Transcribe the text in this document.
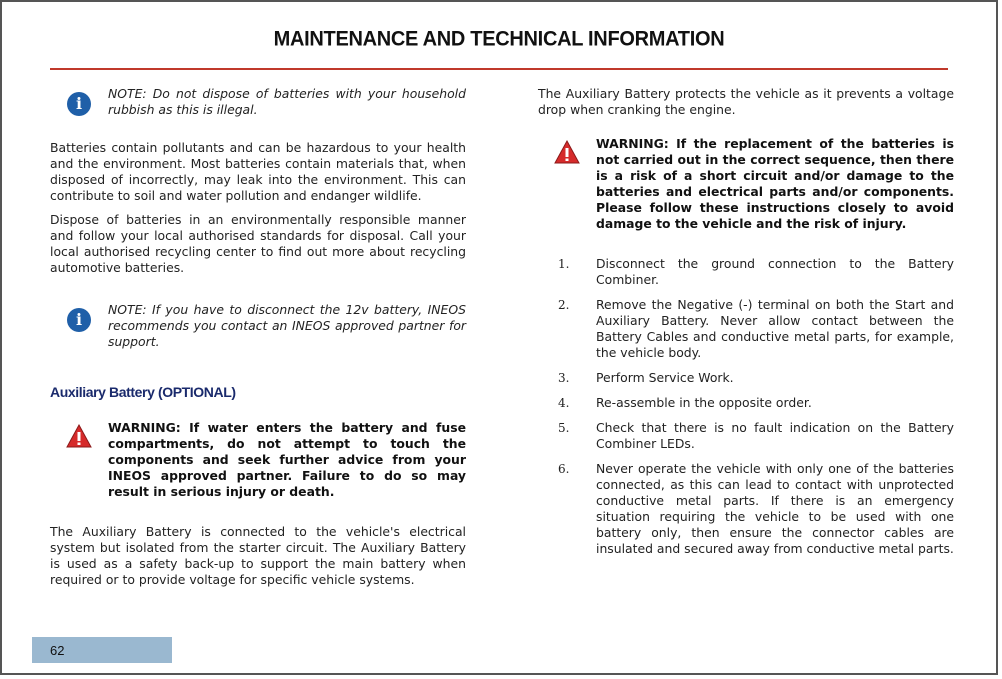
MAINTENANCE AND TECHNICAL INFORMATION
i
NOTE: Do not dispose of batteries with your household rubbish as this is illegal.

Batteries contain pollutants and can be hazardous to your health and the environment. Most batteries contain materials that, when disposed of incorrectly, may leak into the environment. This can contribute to soil and water pollution and endanger wildlife.

Dispose of batteries in an environmentally responsible manner and follow your local authorised standards for disposal. Call your local authorised recycling center to find out more about recycling automotive batteries.

i
NOTE: If you have to disconnect the 12v battery, INEOS recommends you contact an INEOS approved partner for support.
Auxiliary Battery (OPTIONAL)
WARNING: If water enters the battery and fuse compartments, do not attempt to touch the components and seek further advice from your INEOS approved partner. Failure to do so may result in serious injury or death.

The Auxiliary Battery is connected to the vehicle's electrical system but isolated from the starter circuit. The Auxiliary Battery is used as a safety back-up to support the main battery when required or to provide voltage for specific vehicle systems.

The Auxiliary Battery protects the vehicle as it prevents a voltage drop when cranking the engine.

WARNING: If the replacement of the batteries is not carried out in the correct sequence, then there is a risk of a short circuit and/or damage to the batteries and electrical parts and/or components. Please follow these instructions closely to avoid damage to the vehicle and the risk of injury.
1.	Disconnect the ground connection to the Battery Combiner.
2.	Remove the Negative (-) terminal on both the Start and Auxiliary Battery. Never allow contact between the Battery Cables and conductive metal parts, for example, the vehicle body.
3.	Perform Service Work.
4.	Re-assemble in the opposite order.
5.	Check that there is no fault indication on the Battery Combiner LEDs.
6.	Never operate the vehicle with only one of the batteries connected, as this can lead to contact with unprotected conductive metal parts. If there is an emergency situation requiring the vehicle to be used with one battery only, then ensure the connector cables are insulated and secured away from conductive metal parts.
62
